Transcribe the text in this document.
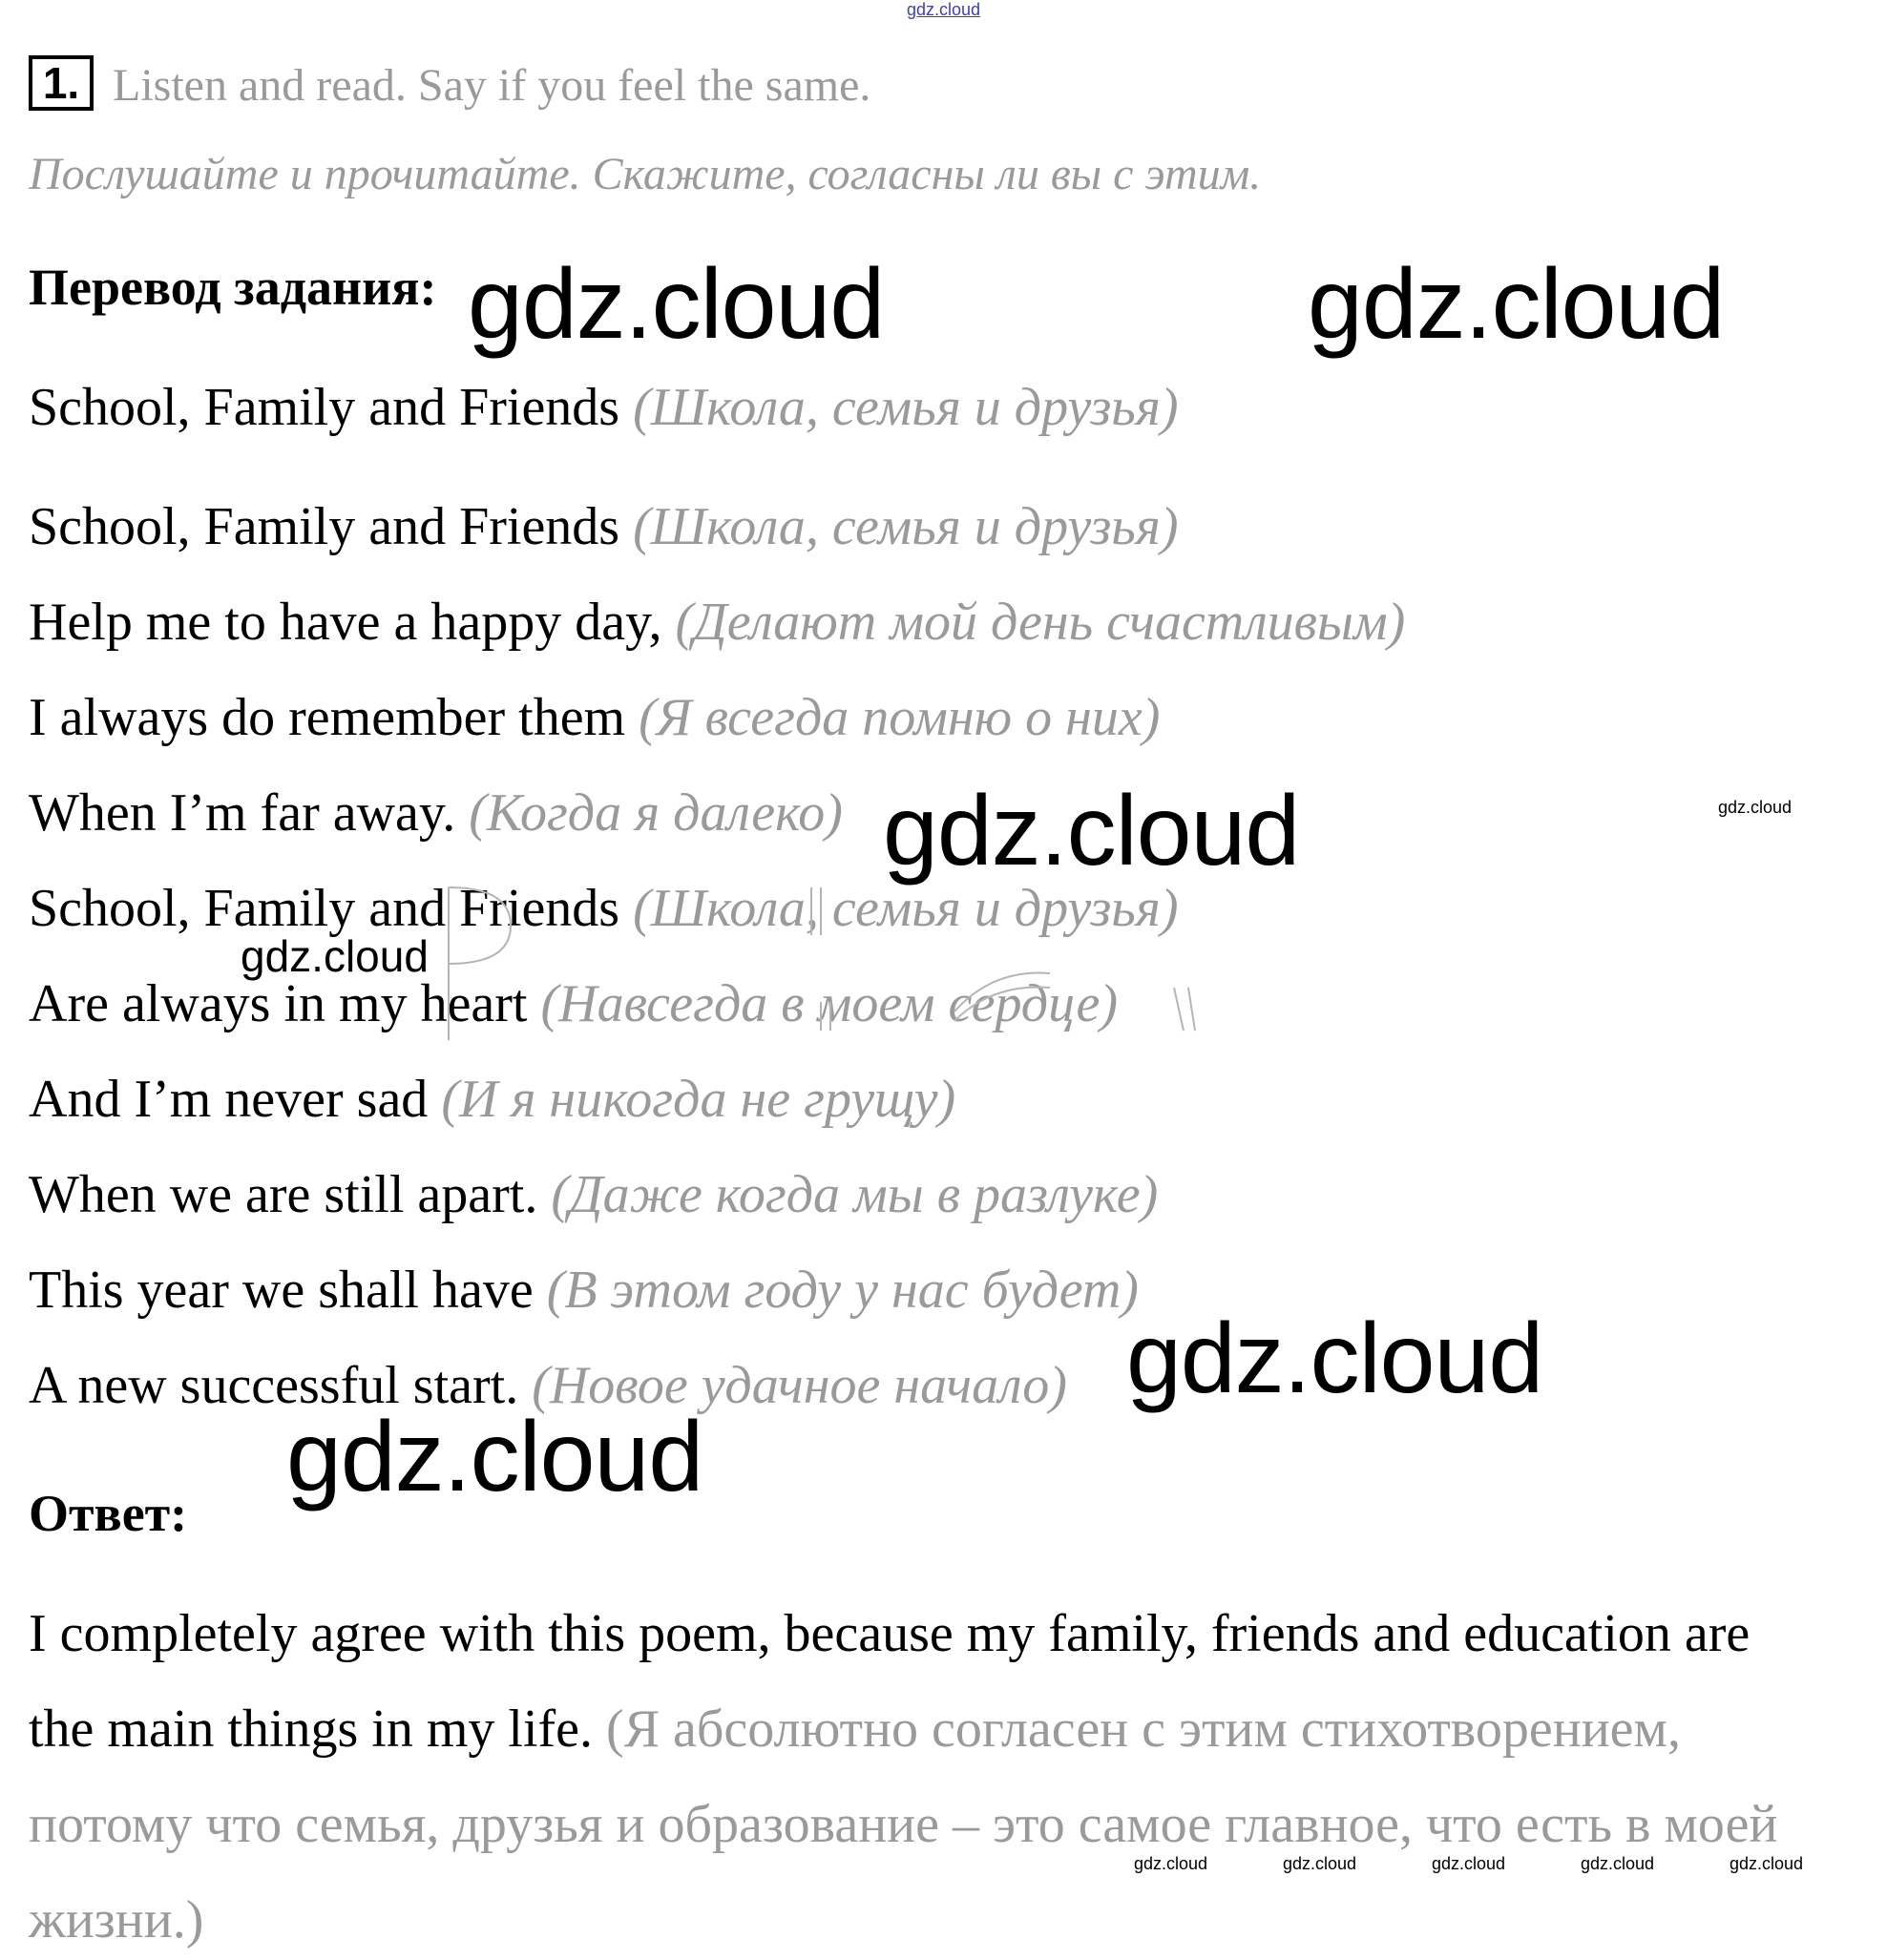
gdz.cloud
1. Listen and read. Say if you feel the same.
Послушайте и прочитайте. Скажите, согласны ли вы с этим.
Перевод задания:
School, Family and Friends (Школа, семья и друзья)
School, Family and Friends (Школа, семья и друзья)
Help me to have a happy day, (Делают мой день счастливым)
I always do remember them (Я всегда помню о них)
When I’m far away. (Когда я далеко)
School, Family and Friends (Школа, семья и друзья)
Are always in my heart (Навсегда в моем сердце)
And I’m never sad (И я никогда не грущу)
When we are still apart. (Даже когда мы в разлуке)
This year we shall have (В этом году у нас будет)
A new successful start. (Новое удачное начало)
Ответ:
I completely agree with this poem, because my family, friends and education are
the main things in my life. (Я абсолютно согласен с этим стихотворением,
потому что семья, друзья и образование – это самое главное, что есть в моей
жизни.)
gdz.cloud	gdz.cloud
gdz.cloud
gdz.cloud
gdz.cloud
gdz.cloud
gdz.cloud
gdz.cloud	gdz.cloud	gdz.cloud	gdz.cloud	gdz.cloud
